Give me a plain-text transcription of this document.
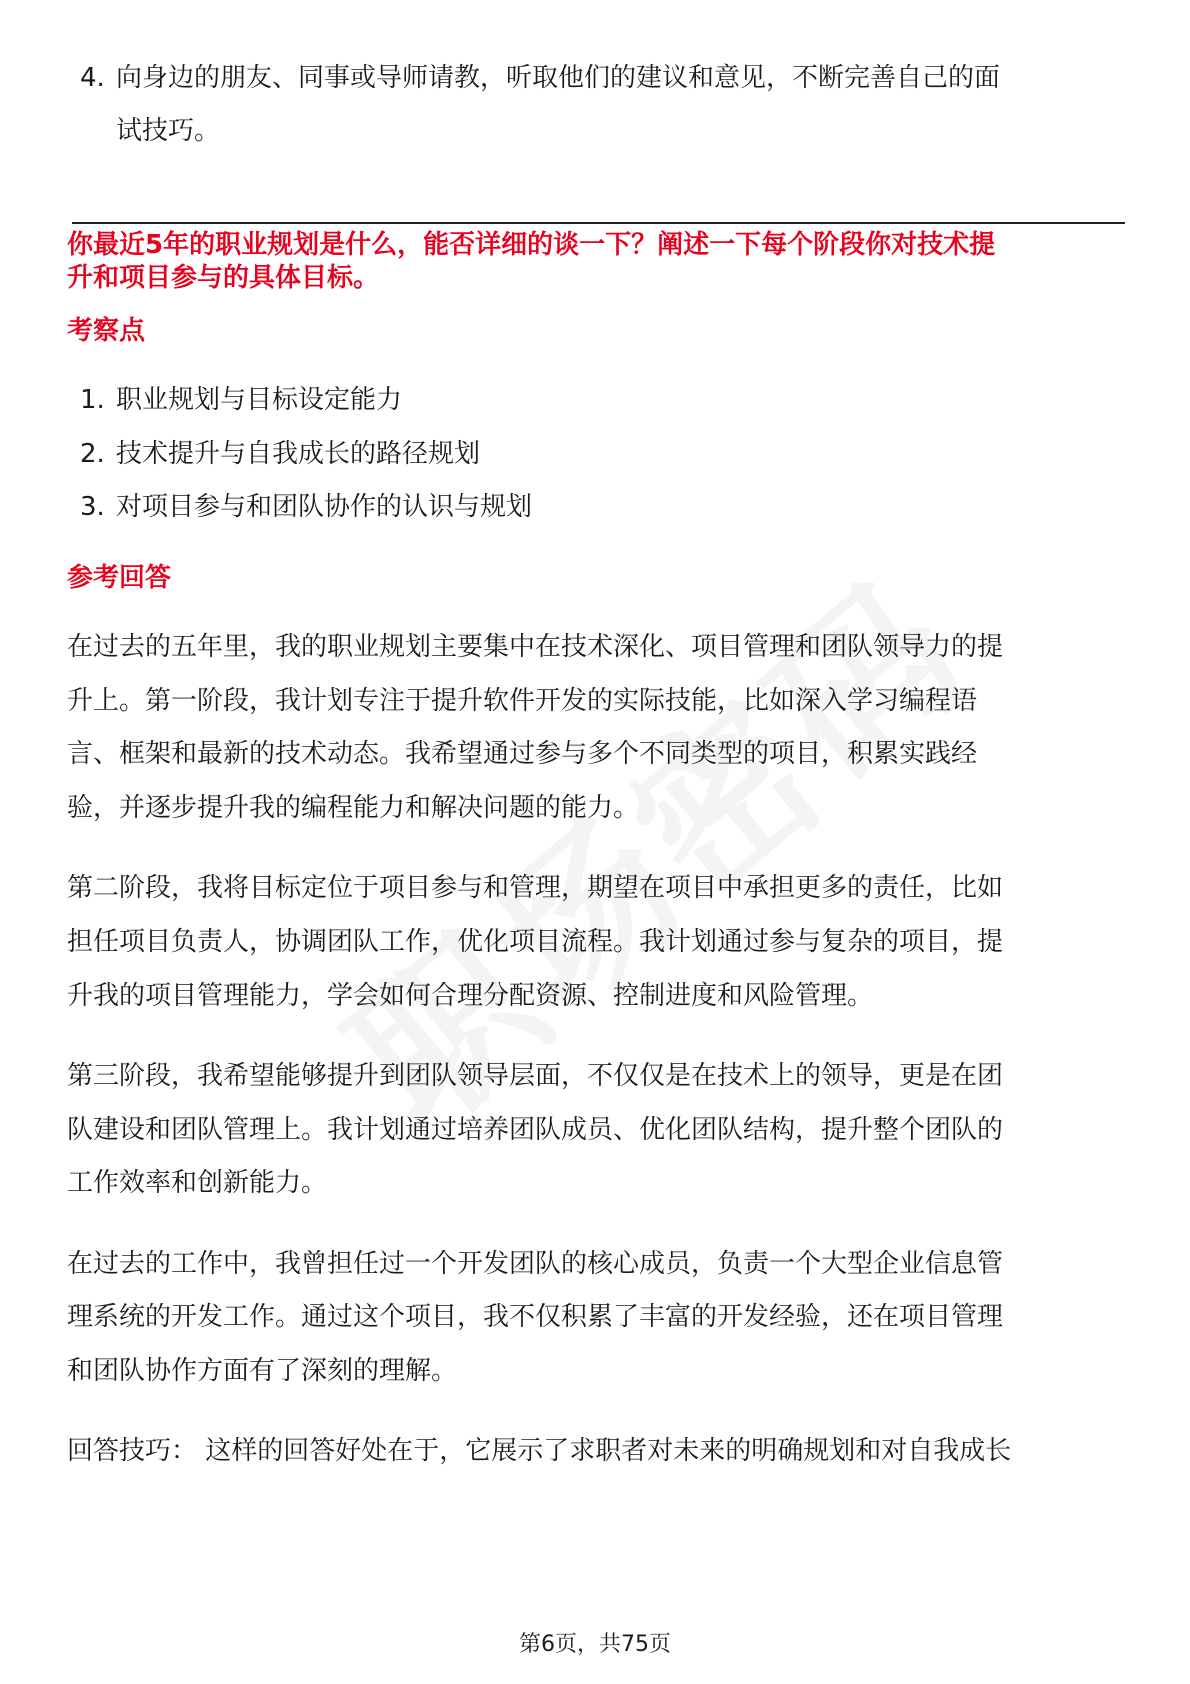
4. 向身边的朋友、同事或导师请教，听取他们的建议和意见，不断完善自己的面
试技巧。
你最近5年的职业规划是什么，能否详细的谈一下？阐述一下每个阶段你对技术提
升和项目参与的具体目标。
考察点
1. 职业规划与目标设定能力
2. 技术提升与自我成长的路径规划
3. 对项目参与和团队协作的认识与规划
参考回答
在过去的五年里，我的职业规划主要集中在技术深化、项目管理和团队领导力的提
升上。第一阶段，我计划专注于提升软件开发的实际技能，比如深入学习编程语
言、框架和最新的技术动态。我希望通过参与多个不同类型的项目，积累实践经
验，并逐步提升我的编程能力和解决问题的能力。
第二阶段，我将目标定位于项目参与和管理，期望在项目中承担更多的责任，比如
担任项目负责人，协调团队工作，优化项目流程。我计划通过参与复杂的项目，提
升我的项目管理能力，学会如何合理分配资源、控制进度和风险管理。
第三阶段，我希望能够提升到团队领导层面，不仅仅是在技术上的领导，更是在团
队建设和团队管理上。我计划通过培养团队成员、优化团队结构，提升整个团队的
工作效率和创新能力。
在过去的工作中，我曾担任过一个开发团队的核心成员，负责一个大型企业信息管
理系统的开发工作。通过这个项目，我不仅积累了丰富的开发经验，还在项目管理
和团队协作方面有了深刻的理解。
回答技巧： 这样的回答好处在于，它展示了求职者对未来的明确规划和对自我成长
第6页，共75页
